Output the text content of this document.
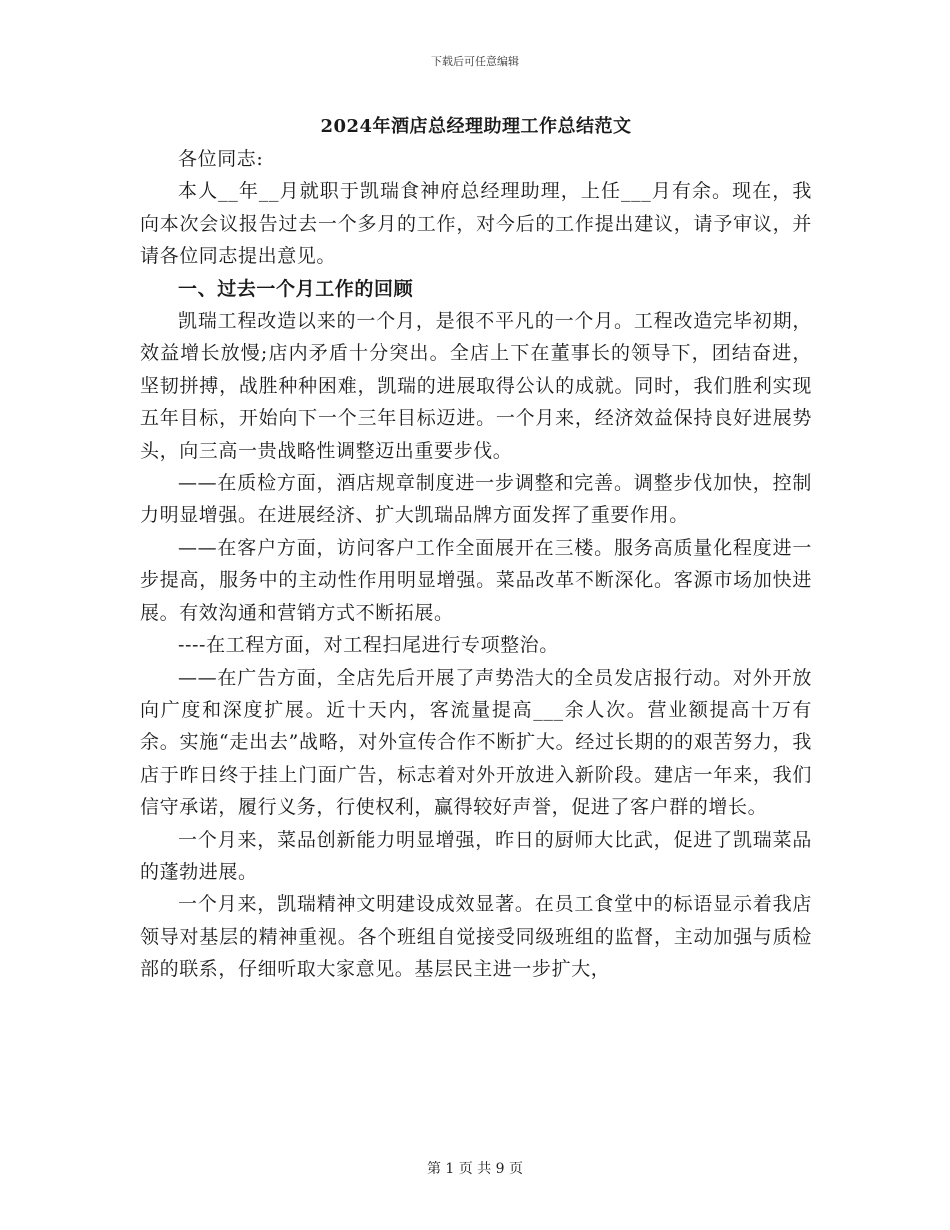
下载后可任意编辑
2024年酒店总经理助理工作总结范文

各位同志:

本人__年__月就职于凯瑞食神府总经理助理，上任___月有余。现在，我向本次会议报告过去一个多月的工作，对今后的工作提出建议，请予审议，并请各位同志提出意见。

一、过去一个月工作的回顾

凯瑞工程改造以来的一个月，是很不平凡的一个月。工程改造完毕初期，效益增长放慢;店内矛盾十分突出。全店上下在董事长的领导下，团结奋进，坚韧拼搏，战胜种种困难，凯瑞的进展取得公认的成就。同时，我们胜利实现五年目标，开始向下一个三年目标迈进。一个月来，经济效益保持良好进展势头，向三高一贵战略性调整迈出重要步伐。

——在质检方面，酒店规章制度进一步调整和完善。调整步伐加快，控制力明显增强。在进展经济、扩大凯瑞品牌方面发挥了重要作用。

——在客户方面，访问客户工作全面展开在三楼。服务高质量化程度进一步提高，服务中的主动性作用明显增强。菜品改革不断深化。客源市场加快进展。有效沟通和营销方式不断拓展。

----在工程方面，对工程扫尾进行专项整治。

——在广告方面，全店先后开展了声势浩大的全员发店报行动。对外开放向广度和深度扩展。近十天内，客流量提高___余人次。营业额提高十万有余。实施“走出去”战略，对外宣传合作不断扩大。经过长期的的艰苦努力，我店于昨日终于挂上门面广告，标志着对外开放进入新阶段。建店一年来，我们信守承诺，履行义务，行使权利，赢得较好声誉，促进了客户群的增长。

一个月来，菜品创新能力明显增强，昨日的厨师大比武，促进了凯瑞菜品的蓬勃进展。

一个月来，凯瑞精神文明建设成效显著。在员工食堂中的标语显示着我店领导对基层的精神重视。各个班组自觉接受同级班组的监督，主动加强与质检部的联系，仔细听取大家意见。基层民主进一步扩大，

第 1 页 共 9 页
